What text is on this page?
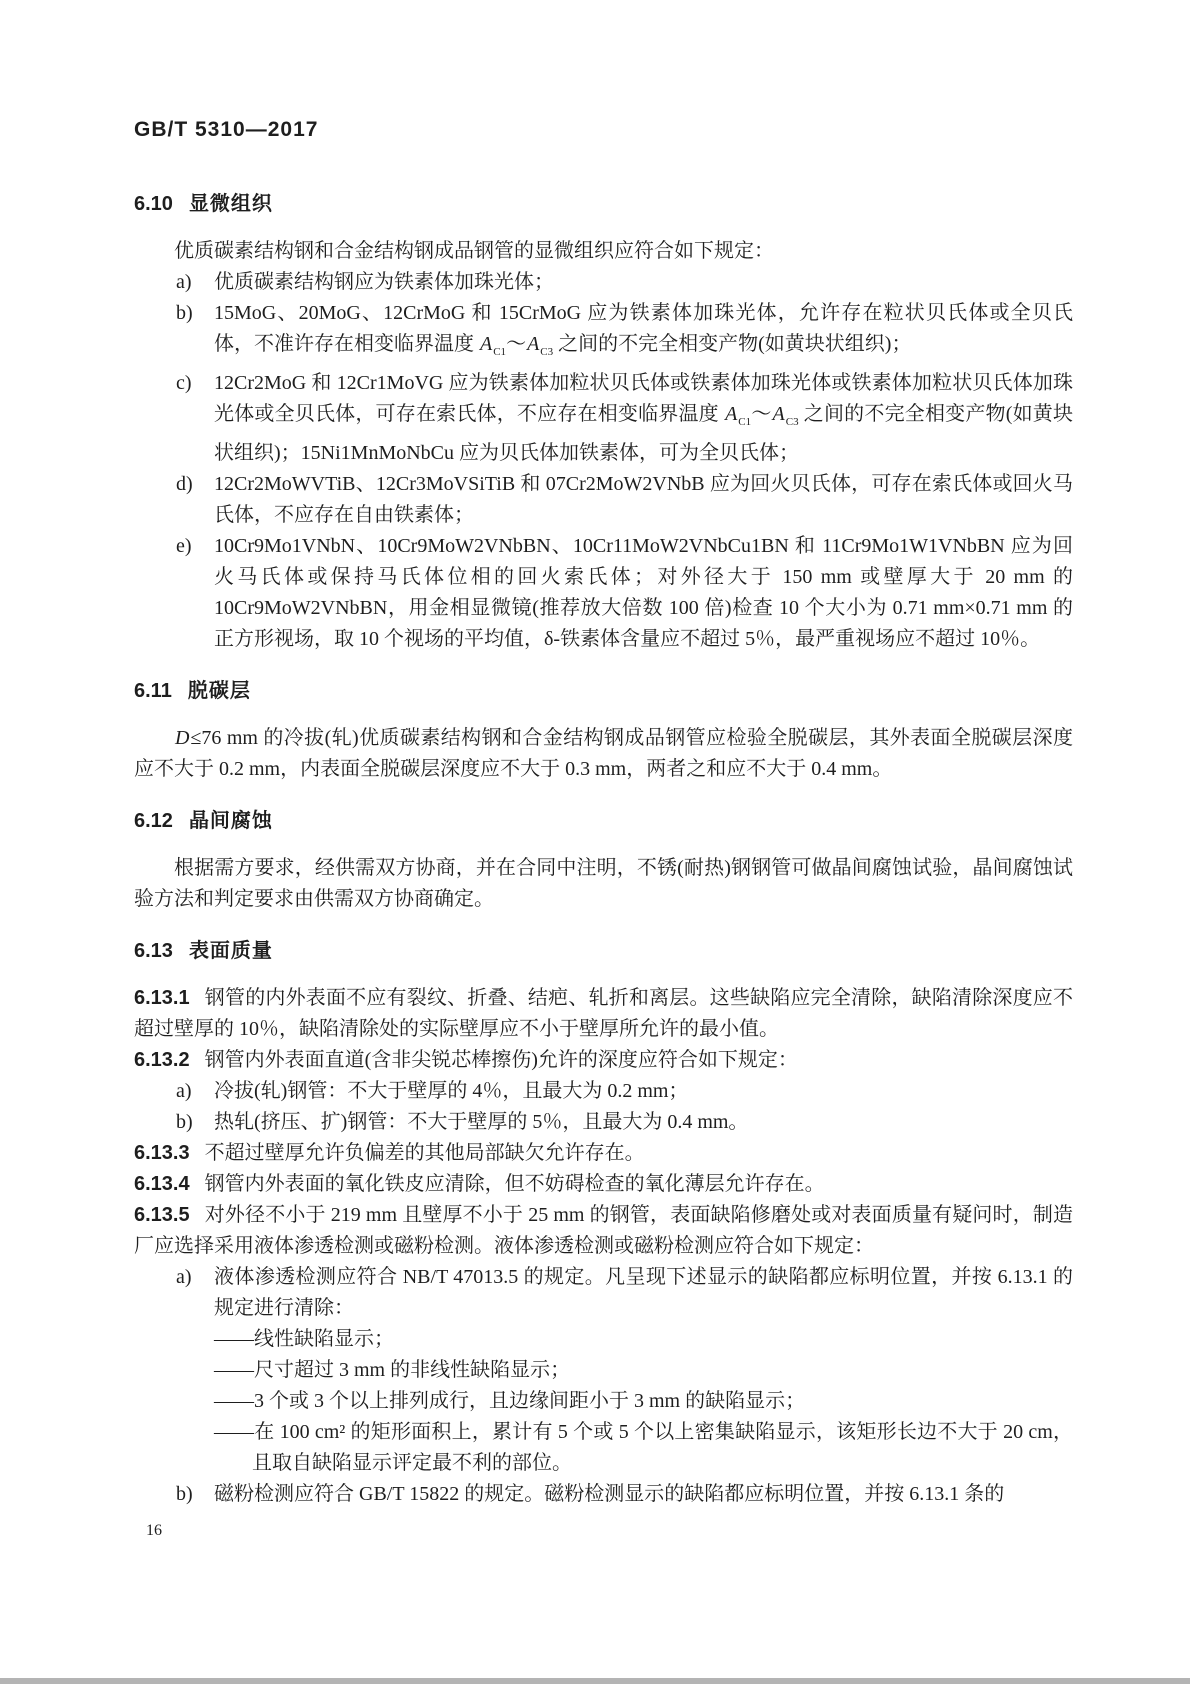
GB/T 5310—2017
6.10 显微组织

优质碳素结构钢和合金结构钢成品钢管的显微组织应符合如下规定：

a) 优质碳素结构钢应为铁素体加珠光体；
b) 15MoG、20MoG、12CrMoG 和 15CrMoG 应为铁素体加珠光体，允许存在粒状贝氏体或全贝氏体，不准许存在相变临界温度 $A_{C1}\sim A_{C3}$ 之间的不完全相变产物(如黄块状组织)；
c) 12Cr2MoG 和 12Cr1MoVG 应为铁素体加粒状贝氏体或铁素体加珠光体或铁素体加粒状贝氏体加珠光体或全贝氏体，可存在索氏体，不应存在相变临界温度 $A_{C1}\sim A_{C3}$ 之间的不完全相变产物(如黄块状组织)；15Ni1MnMoNbCu 应为贝氏体加铁素体，可为全贝氏体；
d) 12Cr2MoWVTiB、12Cr3MoVSiTiB 和 07Cr2MoW2VNbB 应为回火贝氏体，可存在索氏体或回火马氏体，不应存在自由铁素体；
e) 10Cr9Mo1VNbN、10Cr9MoW2VNbBN、10Cr11MoW2VNbCu1BN 和 11Cr9Mo1W1VNbBN 应为回火马氏体或保持马氏体位相的回火索氏体；对外径大于 150 mm 或壁厚大于 20 mm 的 10Cr9MoW2VNbBN，用金相显微镜(推荐放大倍数 100 倍)检查 10 个大小为 0.71 mm×0.71 mm 的正方形视场，取 10 个视场的平均值，δ-铁素体含量应不超过 5％，最严重视场应不超过 10％。
6.11 脱碳层

D≤76 mm 的冷拔(轧)优质碳素结构钢和合金结构钢成品钢管应检验全脱碳层，其外表面全脱碳层深度应不大于 0.2 mm，内表面全脱碳层深度应不大于 0.3 mm，两者之和应不大于 0.4 mm。

6.12 晶间腐蚀

根据需方要求，经供需双方协商，并在合同中注明，不锈(耐热)钢钢管可做晶间腐蚀试验，晶间腐蚀试验方法和判定要求由供需双方协商确定。

6.13 表面质量

6.13.1 钢管的内外表面不应有裂纹、折叠、结疤、轧折和离层。这些缺陷应完全清除，缺陷清除深度应不超过壁厚的 10％，缺陷清除处的实际壁厚应不小于壁厚所允许的最小值。

6.13.2 钢管内外表面直道(含非尖锐芯棒擦伤)允许的深度应符合如下规定：

a) 冷拔(轧)钢管：不大于壁厚的 4％，且最大为 0.2 mm；
b) 热轧(挤压、扩)钢管：不大于壁厚的 5％，且最大为 0.4 mm。

6.13.3 不超过壁厚允许负偏差的其他局部缺欠允许存在。

6.13.4 钢管内外表面的氧化铁皮应清除，但不妨碍检查的氧化薄层允许存在。

6.13.5 对外径不小于 219 mm 且壁厚不小于 25 mm 的钢管，表面缺陷修磨处或对表面质量有疑问时，制造厂应选择采用液体渗透检测或磁粉检测。液体渗透检测或磁粉检测应符合如下规定：

a) 液体渗透检测应符合 NB/T 47013.5 的规定。凡呈现下述显示的缺陷都应标明位置，并按 6.13.1 的规定进行清除：
——线性缺陷显示；
——尺寸超过 3 mm 的非线性缺陷显示；
——3 个或 3 个以上排列成行，且边缘间距小于 3 mm 的缺陷显示；
——在 100 cm² 的矩形面积上，累计有 5 个或 5 个以上密集缺陷显示，该矩形长边不大于 20 cm，且取自缺陷显示评定最不利的部位。
b) 磁粉检测应符合 GB/T 15822 的规定。磁粉检测显示的缺陷都应标明位置，并按 6.13.1 条的
16
